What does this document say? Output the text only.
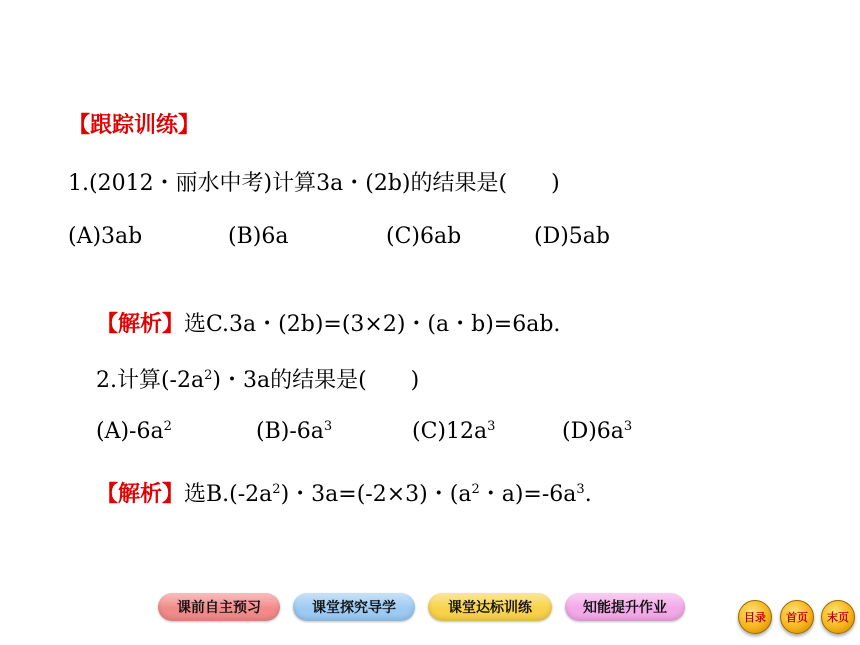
【跟踪训练】
1.(2012・丽水中考)计算3a・(2b)的结果是(　　)
(A)3ab	(B)6a	(C)6ab	(D)5ab

【解析】选C.3a・(2b)=(3×2)・(a・b)=6ab.

2.计算$(-2a^2)$・3a的结果是(　　)

$(A)-6a^2$
	$(B)-6a^3$
	$(C)12a^3$
	$(D)6a^3$

【解析】选$B.(-2a^2)$・3a=(-2×3)・($a^2$・$a)=-6a^3$.

课前自主预习	课堂探究导学	课堂达标训练	知能提升作业
目录 首页 末页
